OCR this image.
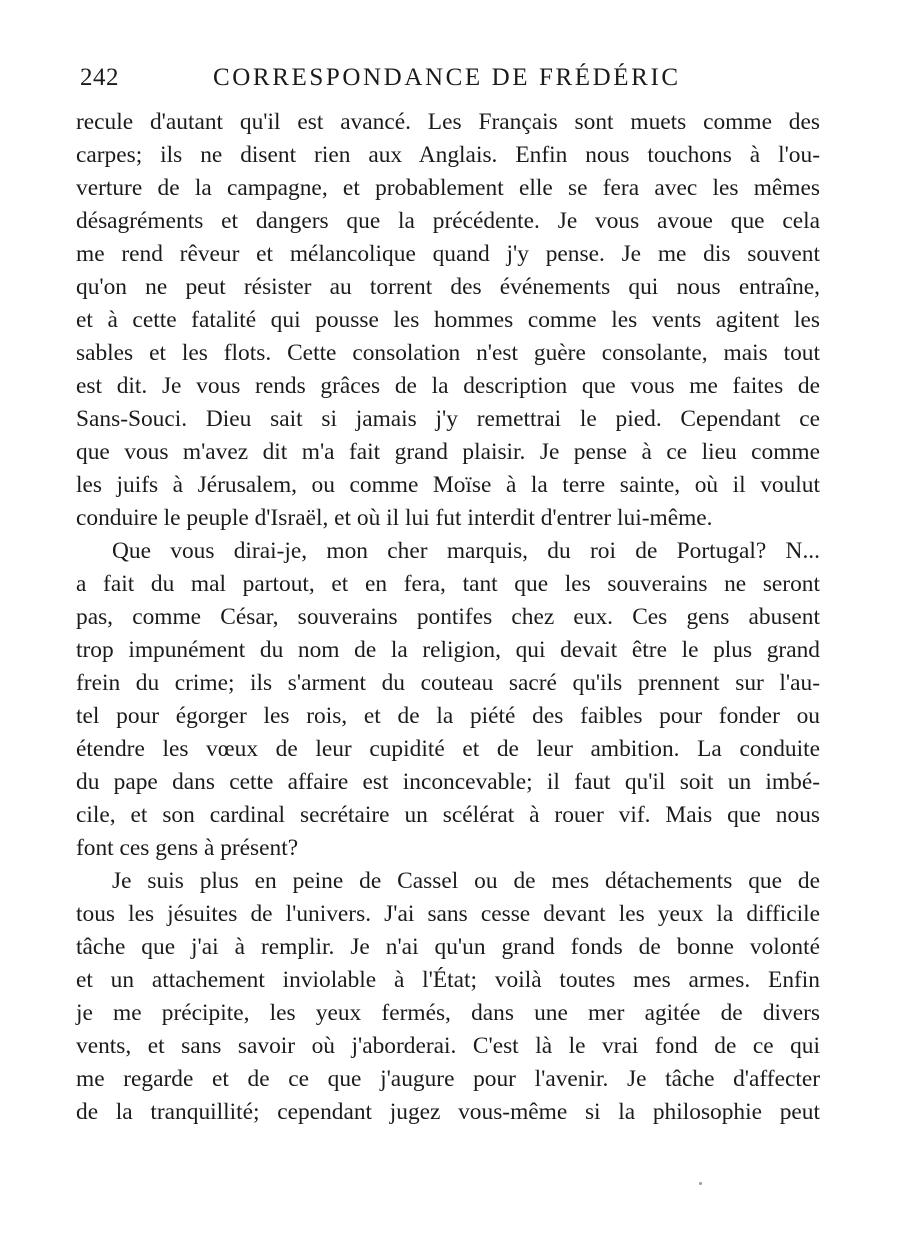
242	CORRESPONDANCE DE FRÉDÉRIC

recule d'autant qu'il est avancé. Les Français sont muets comme des
carpes; ils ne disent rien aux Anglais. Enfin nous touchons à l'ou-
verture de la campagne, et probablement elle se fera avec les mêmes
désagréments et dangers que la précédente. Je vous avoue que cela
me rend rêveur et mélancolique quand j'y pense. Je me dis souvent
qu'on ne peut résister au torrent des événements qui nous entraîne,
et à cette fatalité qui pousse les hommes comme les vents agitent les
sables et les flots. Cette consolation n'est guère consolante, mais tout
est dit. Je vous rends grâces de la description que vous me faites de
Sans-Souci. Dieu sait si jamais j'y remettrai le pied. Cependant ce
que vous m'avez dit m'a fait grand plaisir. Je pense à ce lieu comme
les juifs à Jérusalem, ou comme Moïse à la terre sainte, où il voulut
conduire le peuple d'Israël, et où il lui fut interdit d'entrer lui-même.

Que vous dirai-je, mon cher marquis, du roi de Portugal? N...
a fait du mal partout, et en fera, tant que les souverains ne seront
pas, comme César, souverains pontifes chez eux. Ces gens abusent
trop impunément du nom de la religion, qui devait être le plus grand
frein du crime; ils s'arment du couteau sacré qu'ils prennent sur l'au-
tel pour égorger les rois, et de la piété des faibles pour fonder ou
étendre les vœux de leur cupidité et de leur ambition. La conduite
du pape dans cette affaire est inconcevable; il faut qu'il soit un imbé-
cile, et son cardinal secrétaire un scélérat à rouer vif. Mais que nous
font ces gens à présent?

Je suis plus en peine de Cassel ou de mes détachements que de
tous les jésuites de l'univers. J'ai sans cesse devant les yeux la difficile
tâche que j'ai à remplir. Je n'ai qu'un grand fonds de bonne volonté
et un attachement inviolable à l'État; voilà toutes mes armes. Enfin
je me précipite, les yeux fermés, dans une mer agitée de divers
vents, et sans savoir où j'aborderai. C'est là le vrai fond de ce qui
me regarde et de ce que j'augure pour l'avenir. Je tâche d'affecter
de la tranquillité; cependant jugez vous-même si la philosophie peut
